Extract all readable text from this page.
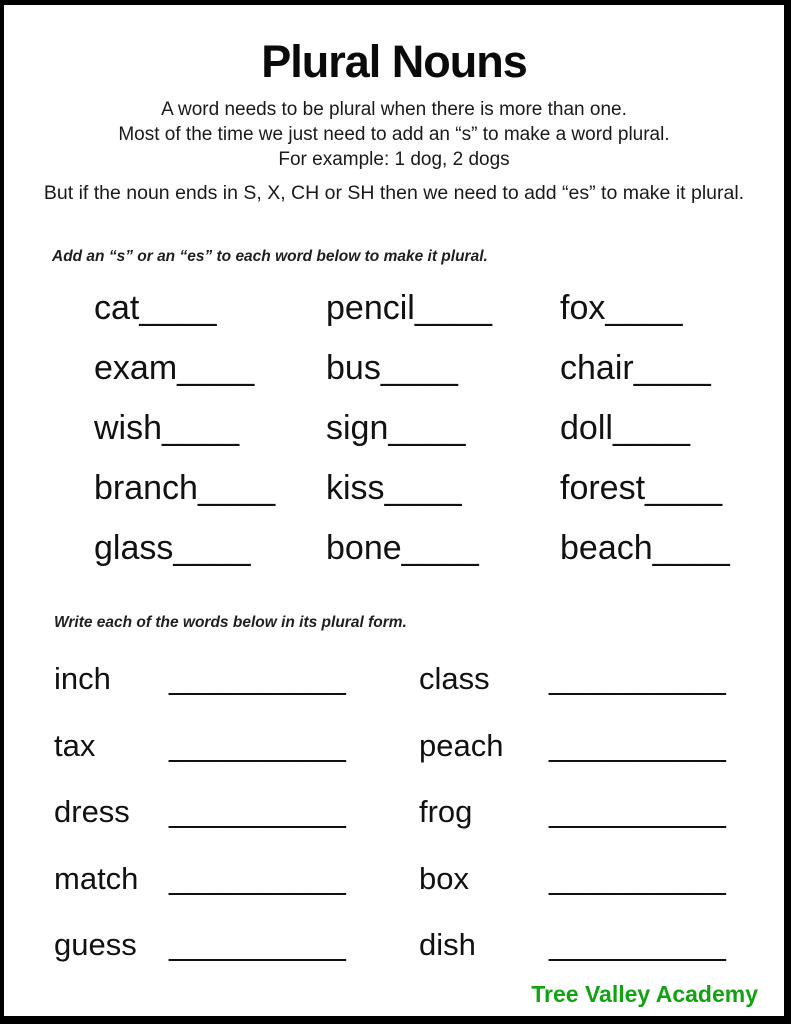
Plural Nouns
A word needs to be plural when there is more than one.
Most of the time we just need to add an “s” to make a word plural.
For example: 1 dog, 2 dogs
But if the noun ends in S, X, CH or SH then we need to add “es” to make it plural.
Add an “s” or an “es” to each word below to make it plural.
cat ____	pencil ____ fox ____
exam ____ bus ____	chair ____
wish ____	sign ____	doll ____
branch ____ kiss ____	forest ____
glass ____ bone ____ beach ____
Write each of the words below in its plural form.
inch	__________ class	__________
tax	__________ peach	__________
dress	__________ frog	__________
match __________ box	__________
guess	__________ dish	__________
Tree Valley Academy
